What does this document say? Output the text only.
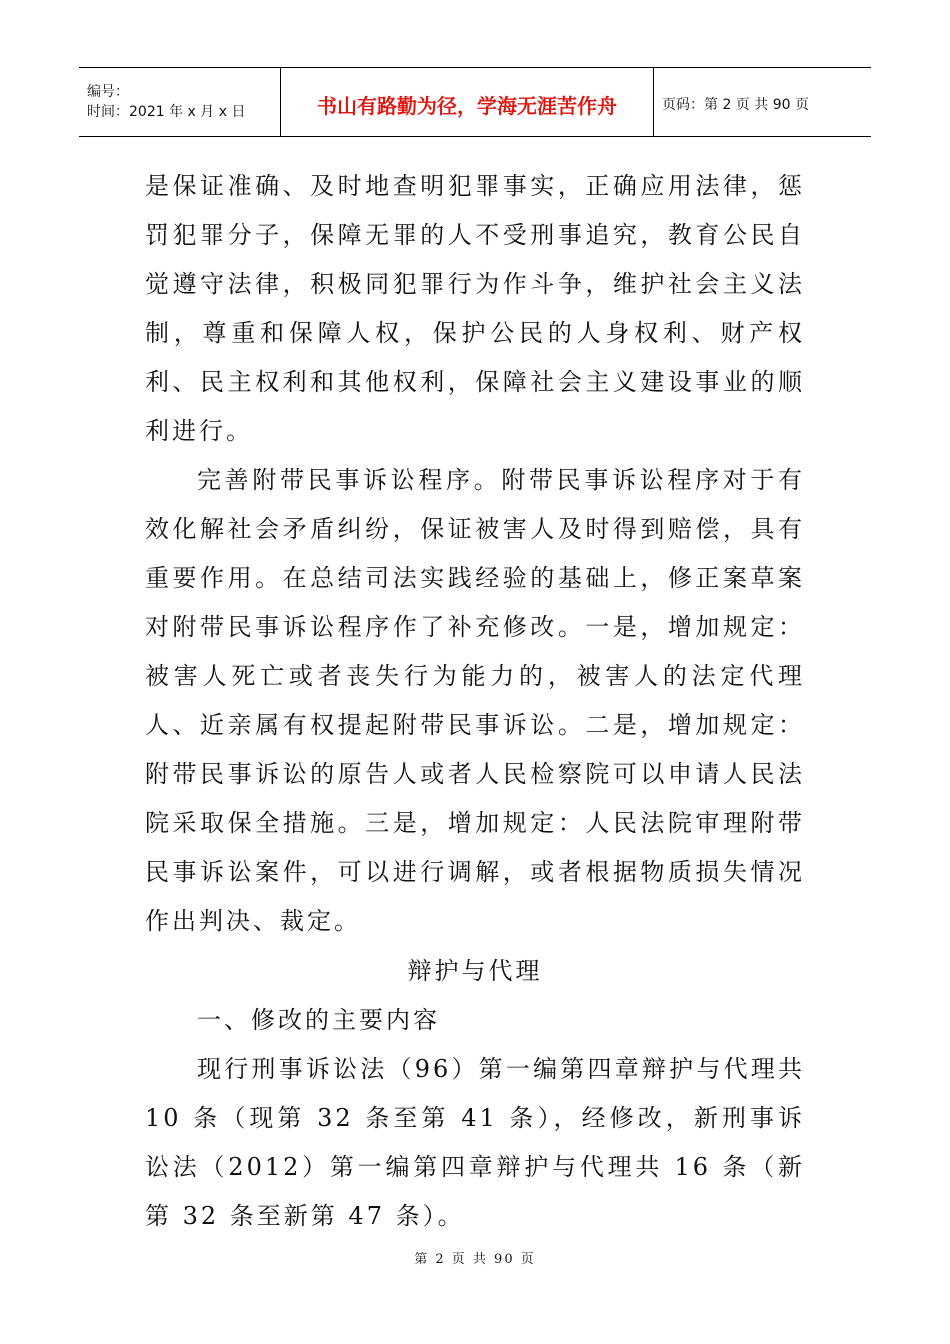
编号：
时间：2021 年 x 月 x 日	书山有路勤为径，学海无涯苦作舟	页码：第 2 页 共 90 页

是保证准确、及时地查明犯罪事实，正确应用法律，惩罚犯罪分子，保障无罪的人不受刑事追究，教育公民自觉遵守法律，积极同犯罪行为作斗争，维护社会主义法制，尊重和保障人权，保护公民的人身权利、财产权利、民主权利和其他权利，保障社会主义建设事业的顺利进行。

完善附带民事诉讼程序。附带民事诉讼程序对于有效化解社会矛盾纠纷，保证被害人及时得到赔偿，具有重要作用。在总结司法实践经验的基础上，修正案草案对附带民事诉讼程序作了补充修改。一是，增加规定：被害人死亡或者丧失行为能力的，被害人的法定代理人、近亲属有权提起附带民事诉讼。二是，增加规定：附带民事诉讼的原告人或者人民检察院可以申请人民法院采取保全措施。三是，增加规定：人民法院审理附带民事诉讼案件，可以进行调解，或者根据物质损失情况作出判决、裁定。

辩护与代理

一、修改的主要内容

现行刑事诉讼法（96）第一编第四章辩护与代理共 10 条（现第 32 条至第 41 条），经修改，新刑事诉讼法（2012）第一编第四章辩护与代理共 16 条（新第 32 条至新第 47 条）。

第 2 页 共 90 页
